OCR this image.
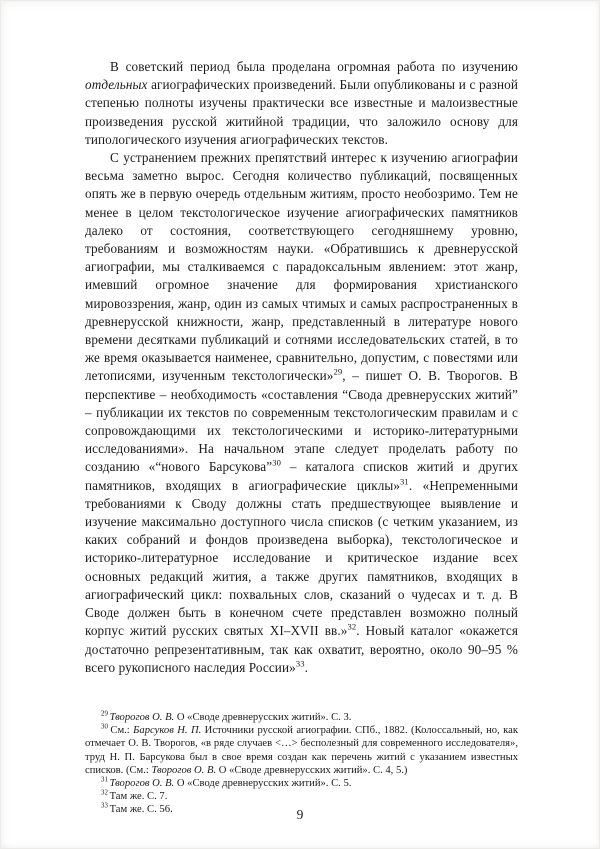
В советский период была проделана огромная работа по изучению отдельных агиографических произведений. Были опубликованы и с разной степенью полноты изучены практически все известные и малоизвестные произведения русской житийной традиции, что заложило основу для типологического изучения агиографических текстов.

С устранением прежних препятствий интерес к изучению агиографии весьма заметно вырос. Сегодня количество публикаций, посвященных опять же в первую очередь отдельным житиям, просто необозримо. Тем не менее в целом текстологическое изучение агиографических памятников далеко от состояния, соответствующего сегодняшнему уровню, требованиям и возможностям науки. «Обратившись к древнерусской агиографии, мы сталкиваемся с парадоксальным явлением: этот жанр, имевший огромное значение для формирования христианского мировоззрения, жанр, один из самых чтимых и самых распространенных в древнерусской книжности, жанр, представленный в литературе нового времени десятками публикаций и сотнями исследовательских статей, в то же время оказывается наименее, сравнительно, допустим, с повестями или летописями, изученным текстологически»$^{29}$, – пишет О. В. Творогов. В перспективе – необходимость «составления “Свода древнерусских житий” – публикации их текстов по современным текстологическим правилам и с сопровождающими их текстологическими и историко-литературными исследованиями». На начальном этапе следует проделать работу по созданию «“нового Барсукова”$^{30}$ – каталога списков житий и других памятников, входящих в агиографические циклы»$^{31}$. «Непременными требованиями к Своду должны стать предшествующее выявление и изучение максимально доступного числа списков (с четким указанием, из каких собраний и фондов произведена выборка), текстологическое и историко-литературное исследование и критическое издание всех основных редакций жития, а также других памятников, входящих в агиографический цикл: похвальных слов, сказаний о чудесах и т. д. В Своде должен быть в конечном счете представлен возможно полный корпус житий русских святых XI–XVII вв.»$^{32}$. Новый каталог «окажется достаточно репрезентативным, так как охватит, вероятно, около 90–95 % всего рукописного наследия России»$^{33}$.

$^{29}$ Творогов О. В. О «Своде древнерусских житий». С. 3.

$^{30}$ См.: Барсуков Н. П. Источники русской агиографии. СПб., 1882. (Колоссальный, но, как отмечает О. В. Творогов, «в ряде случаев <…> бесполезный для современного исследователя», труд Н. П. Барсукова был в свое время создан как перечень житий с указанием известных списков. (См.: Творогов О. В. О «Своде древнерусских житий». С. 4, 5.)

$^{31}$ Творогов О. В. О «Своде древнерусских житий». С. 5.

$^{32}$ Там же. С. 7.

$^{33}$ Там же. С. 56.	9
